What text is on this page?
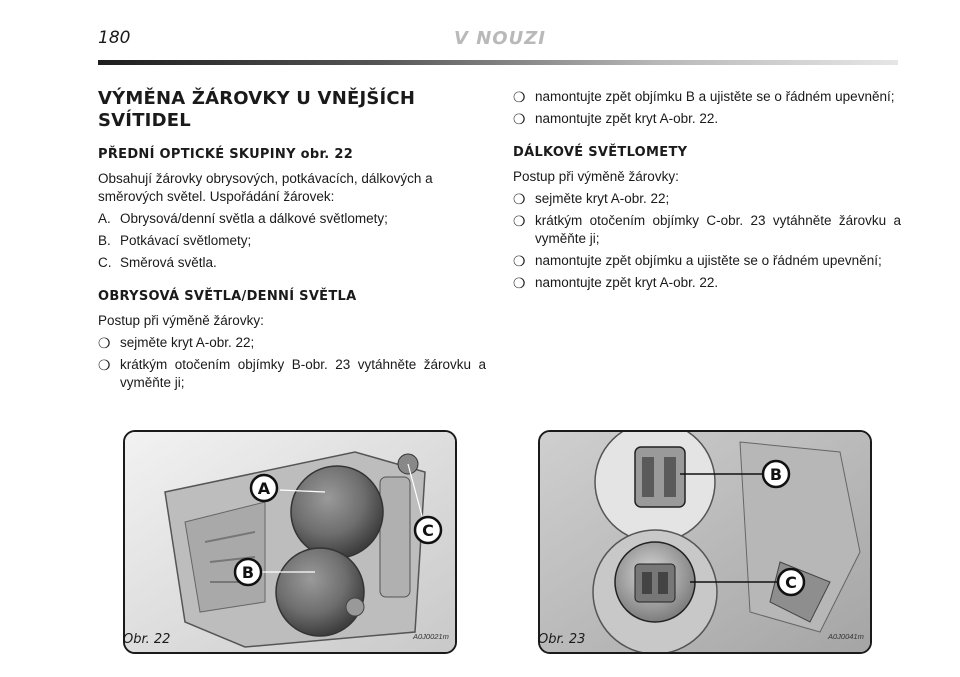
180	V NOUZI
VÝMĚNA ŽÁROVKY U VNĚJŠÍCH SVÍTIDEL
PŘEDNÍ OPTICKÉ SKUPINY obr. 22

Obsahují žárovky obrysových, potkávacích, dálkových a směrových světel. Uspořádání žárovek:

A. Obrysová/denní světla a dálkové světlomety;
B. Potkávací světlomety;
C. Směrová světla.
OBRYSOVÁ SVĚTLA/DENNÍ SVĚTLA

Postup při výměně žárovky:

❍ sejměte kryt A-obr. 22;
❍ krátkým otočením objímky B-obr. 23 vytáhněte žárovku a vyměňte ji;
❍ namontujte zpět objímku B a ujistěte se o řádném upevnění;
❍ namontujte zpět kryt A-obr. 22.
DÁLKOVÉ SVĚTLOMETY

Postup při výměně žárovky:

❍ sejměte kryt A-obr. 22;
❍ krátkým otočením objímky C-obr. 23 vytáhněte žárovku a vyměňte ji;
❍ namontujte zpět objímku a ujistěte se o řádném upevnění;
❍ namontujte zpět kryt A-obr. 22.
A
B
C
Obr. 22	A0J0021m
B
C
Obr. 23	A0J0041m
